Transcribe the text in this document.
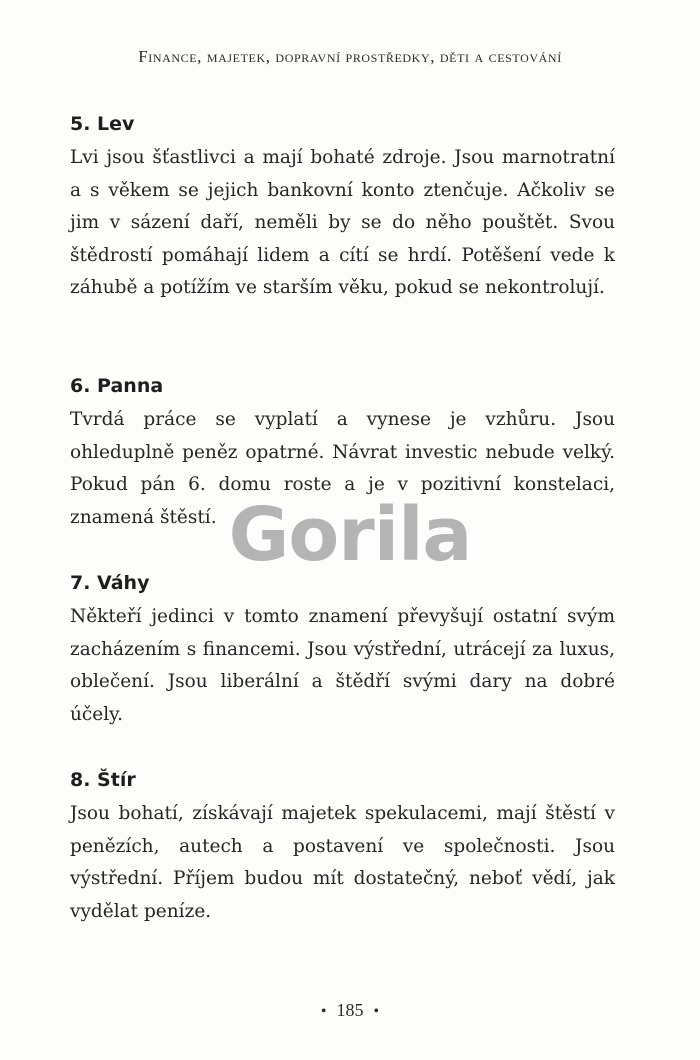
Finance, majetek, dopravní prostředky, děti a cestování
5. Lev

Lvi jsou šťastlivci a mají bohaté zdroje. Jsou marnotratní a s věkem se jejich bankovní konto ztenčuje. Ačkoliv se jim v sázení daří, neměli by se do něho pouštět. Svou štědrostí pomáhají lidem a cítí se hrdí. Potěšení vede k záhubě a potížím ve starším věku, pokud se nekontrolují.

6. Panna

Tvrdá práce se vyplatí a vynese je vzhůru. Jsou ohleduplně peněz opatrné. Návrat investic nebude velký. Pokud pán 6. domu roste a je v pozitivní konstelaci, znamená štěstí.

7. Váhy

Někteří jedinci v tomto znamení převyšují ostatní svým zacházením s financemi. Jsou výstřední, utrácejí za luxus, oblečení. Jsou liberální a štědří svými dary na dobré účely.

8. Štír

Jsou bohatí, získávají majetek spekulacemi, mají štěstí v penězích, autech a postavení ve společnosti. Jsou výstřední. Příjem budou mít dostatečný, neboť vědí, jak vydělat peníze.

Gorila
• 185 •
